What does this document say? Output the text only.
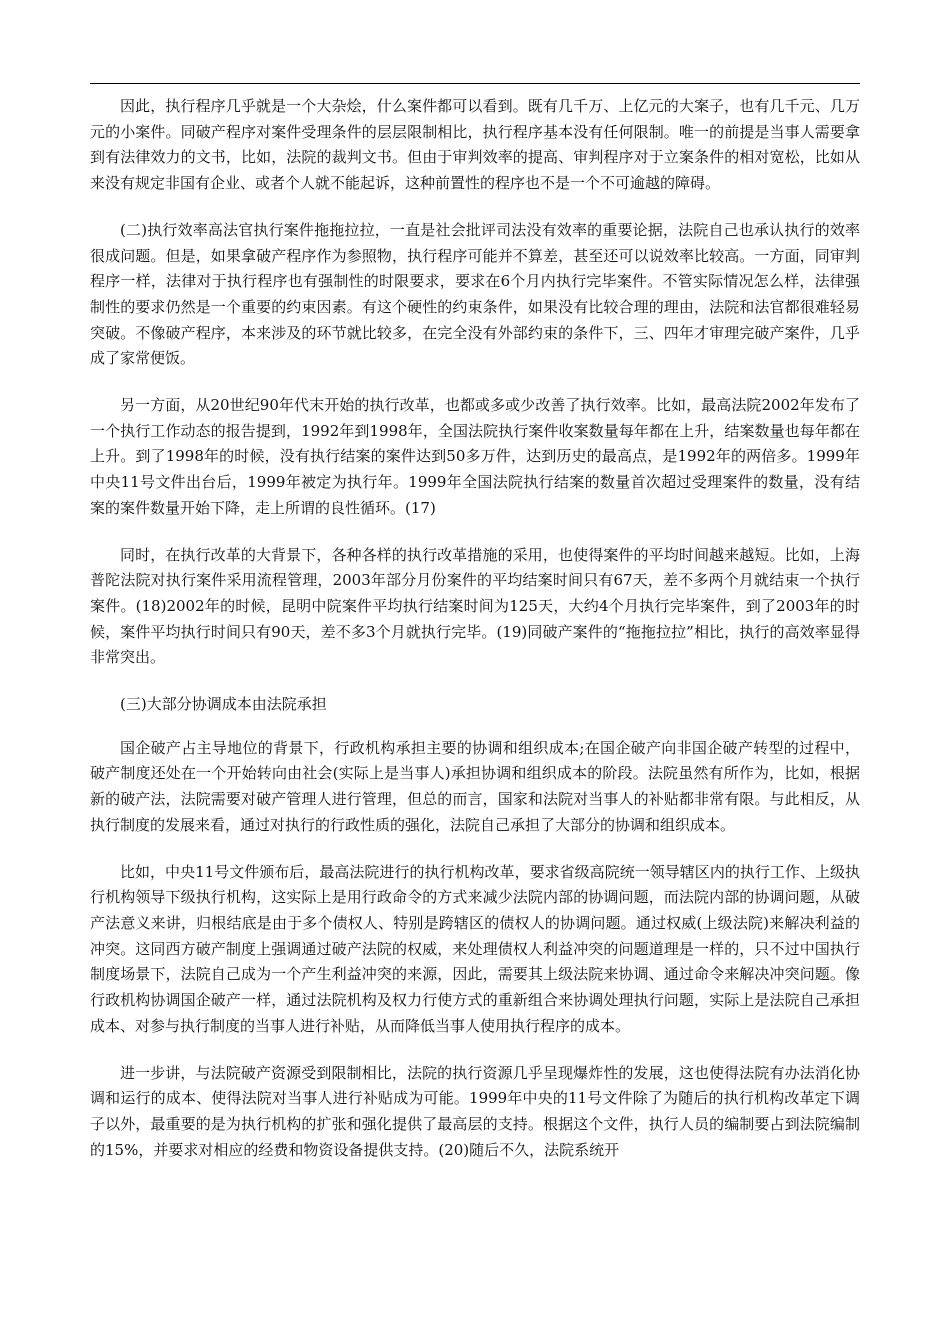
因此，执行程序几乎就是一个大杂烩，什么案件都可以看到。既有几千万、上亿元的大案子，也有几千元、几万元的小案件。同破产程序对案件受理条件的层层限制相比，执行程序基本没有任何限制。唯一的前提是当事人需要拿到有法律效力的文书，比如，法院的裁判文书。但由于审判效率的提高、审判程序对于立案条件的相对宽松，比如从来没有规定非国有企业、或者个人就不能起诉，这种前置性的程序也不是一个不可逾越的障碍。

(二)执行效率高法官执行案件拖拖拉拉，一直是社会批评司法没有效率的重要论据，法院自己也承认执行的效率很成问题。但是，如果拿破产程序作为参照物，执行程序可能并不算差，甚至还可以说效率比较高。一方面，同审判程序一样，法律对于执行程序也有强制性的时限要求，要求在6个月内执行完毕案件。不管实际情况怎么样，法律强制性的要求仍然是一个重要的约束因素。有这个硬性的约束条件，如果没有比较合理的理由，法院和法官都很难轻易突破。不像破产程序，本来涉及的环节就比较多，在完全没有外部约束的条件下，三、四年才审理完破产案件，几乎成了家常便饭。

另一方面，从20世纪90年代末开始的执行改革，也都或多或少改善了执行效率。比如，最高法院2002年发布了一个执行工作动态的报告提到，1992年到1998年，全国法院执行案件收案数量每年都在上升，结案数量也每年都在上升。到了1998年的时候，没有执行结案的案件达到50多万件，达到历史的最高点，是1992年的两倍多。1999年中央11号文件出台后，1999年被定为执行年。1999年全国法院执行结案的数量首次超过受理案件的数量，没有结案的案件数量开始下降，走上所谓的良性循环。(17)

同时，在执行改革的大背景下，各种各样的执行改革措施的采用，也使得案件的平均时间越来越短。比如，上海普陀法院对执行案件采用流程管理，2003年部分月份案件的平均结案时间只有67天，差不多两个月就结束一个执行案件。(18)2002年的时候，昆明中院案件平均执行结案时间为125天，大约4个月执行完毕案件，到了2003年的时候，案件平均执行时间只有90天，差不多3个月就执行完毕。(19)同破产案件的“拖拖拉拉”相比，执行的高效率显得非常突出。

(三)大部分协调成本由法院承担

国企破产占主导地位的背景下，行政机构承担主要的协调和组织成本;在国企破产向非国企破产转型的过程中，破产制度还处在一个开始转向由社会(实际上是当事人)承担协调和组织成本的阶段。法院虽然有所作为，比如，根据新的破产法，法院需要对破产管理人进行管理，但总的而言，国家和法院对当事人的补贴都非常有限。与此相反，从执行制度的发展来看，通过对执行的行政性质的强化，法院自己承担了大部分的协调和组织成本。

比如，中央11号文件颁布后，最高法院进行的执行机构改革，要求省级高院统一领导辖区内的执行工作、上级执行机构领导下级执行机构，这实际上是用行政命令的方式来减少法院内部的协调问题，而法院内部的协调问题，从破产法意义来讲，归根结底是由于多个债权人、特别是跨辖区的债权人的协调问题。通过权威(上级法院)来解决利益的冲突。这同西方破产制度上强调通过破产法院的权威，来处理债权人利益冲突的问题道理是一样的，只不过中国执行制度场景下，法院自己成为一个产生利益冲突的来源，因此，需要其上级法院来协调、通过命令来解决冲突问题。像行政机构协调国企破产一样，通过法院机构及权力行使方式的重新组合来协调处理执行问题，实际上是法院自己承担成本、对参与执行制度的当事人进行补贴，从而降低当事人使用执行程序的成本。

进一步讲，与法院破产资源受到限制相比，法院的执行资源几乎呈现爆炸性的发展，这也使得法院有办法消化协调和运行的成本、使得法院对当事人进行补贴成为可能。1999年中央的11号文件除了为随后的执行机构改革定下调子以外，最重要的是为执行机构的扩张和强化提供了最高层的支持。根据这个文件，执行人员的编制要占到法院编制的15%，并要求对相应的经费和物资设备提供支持。(20)随后不久，法院系统开
